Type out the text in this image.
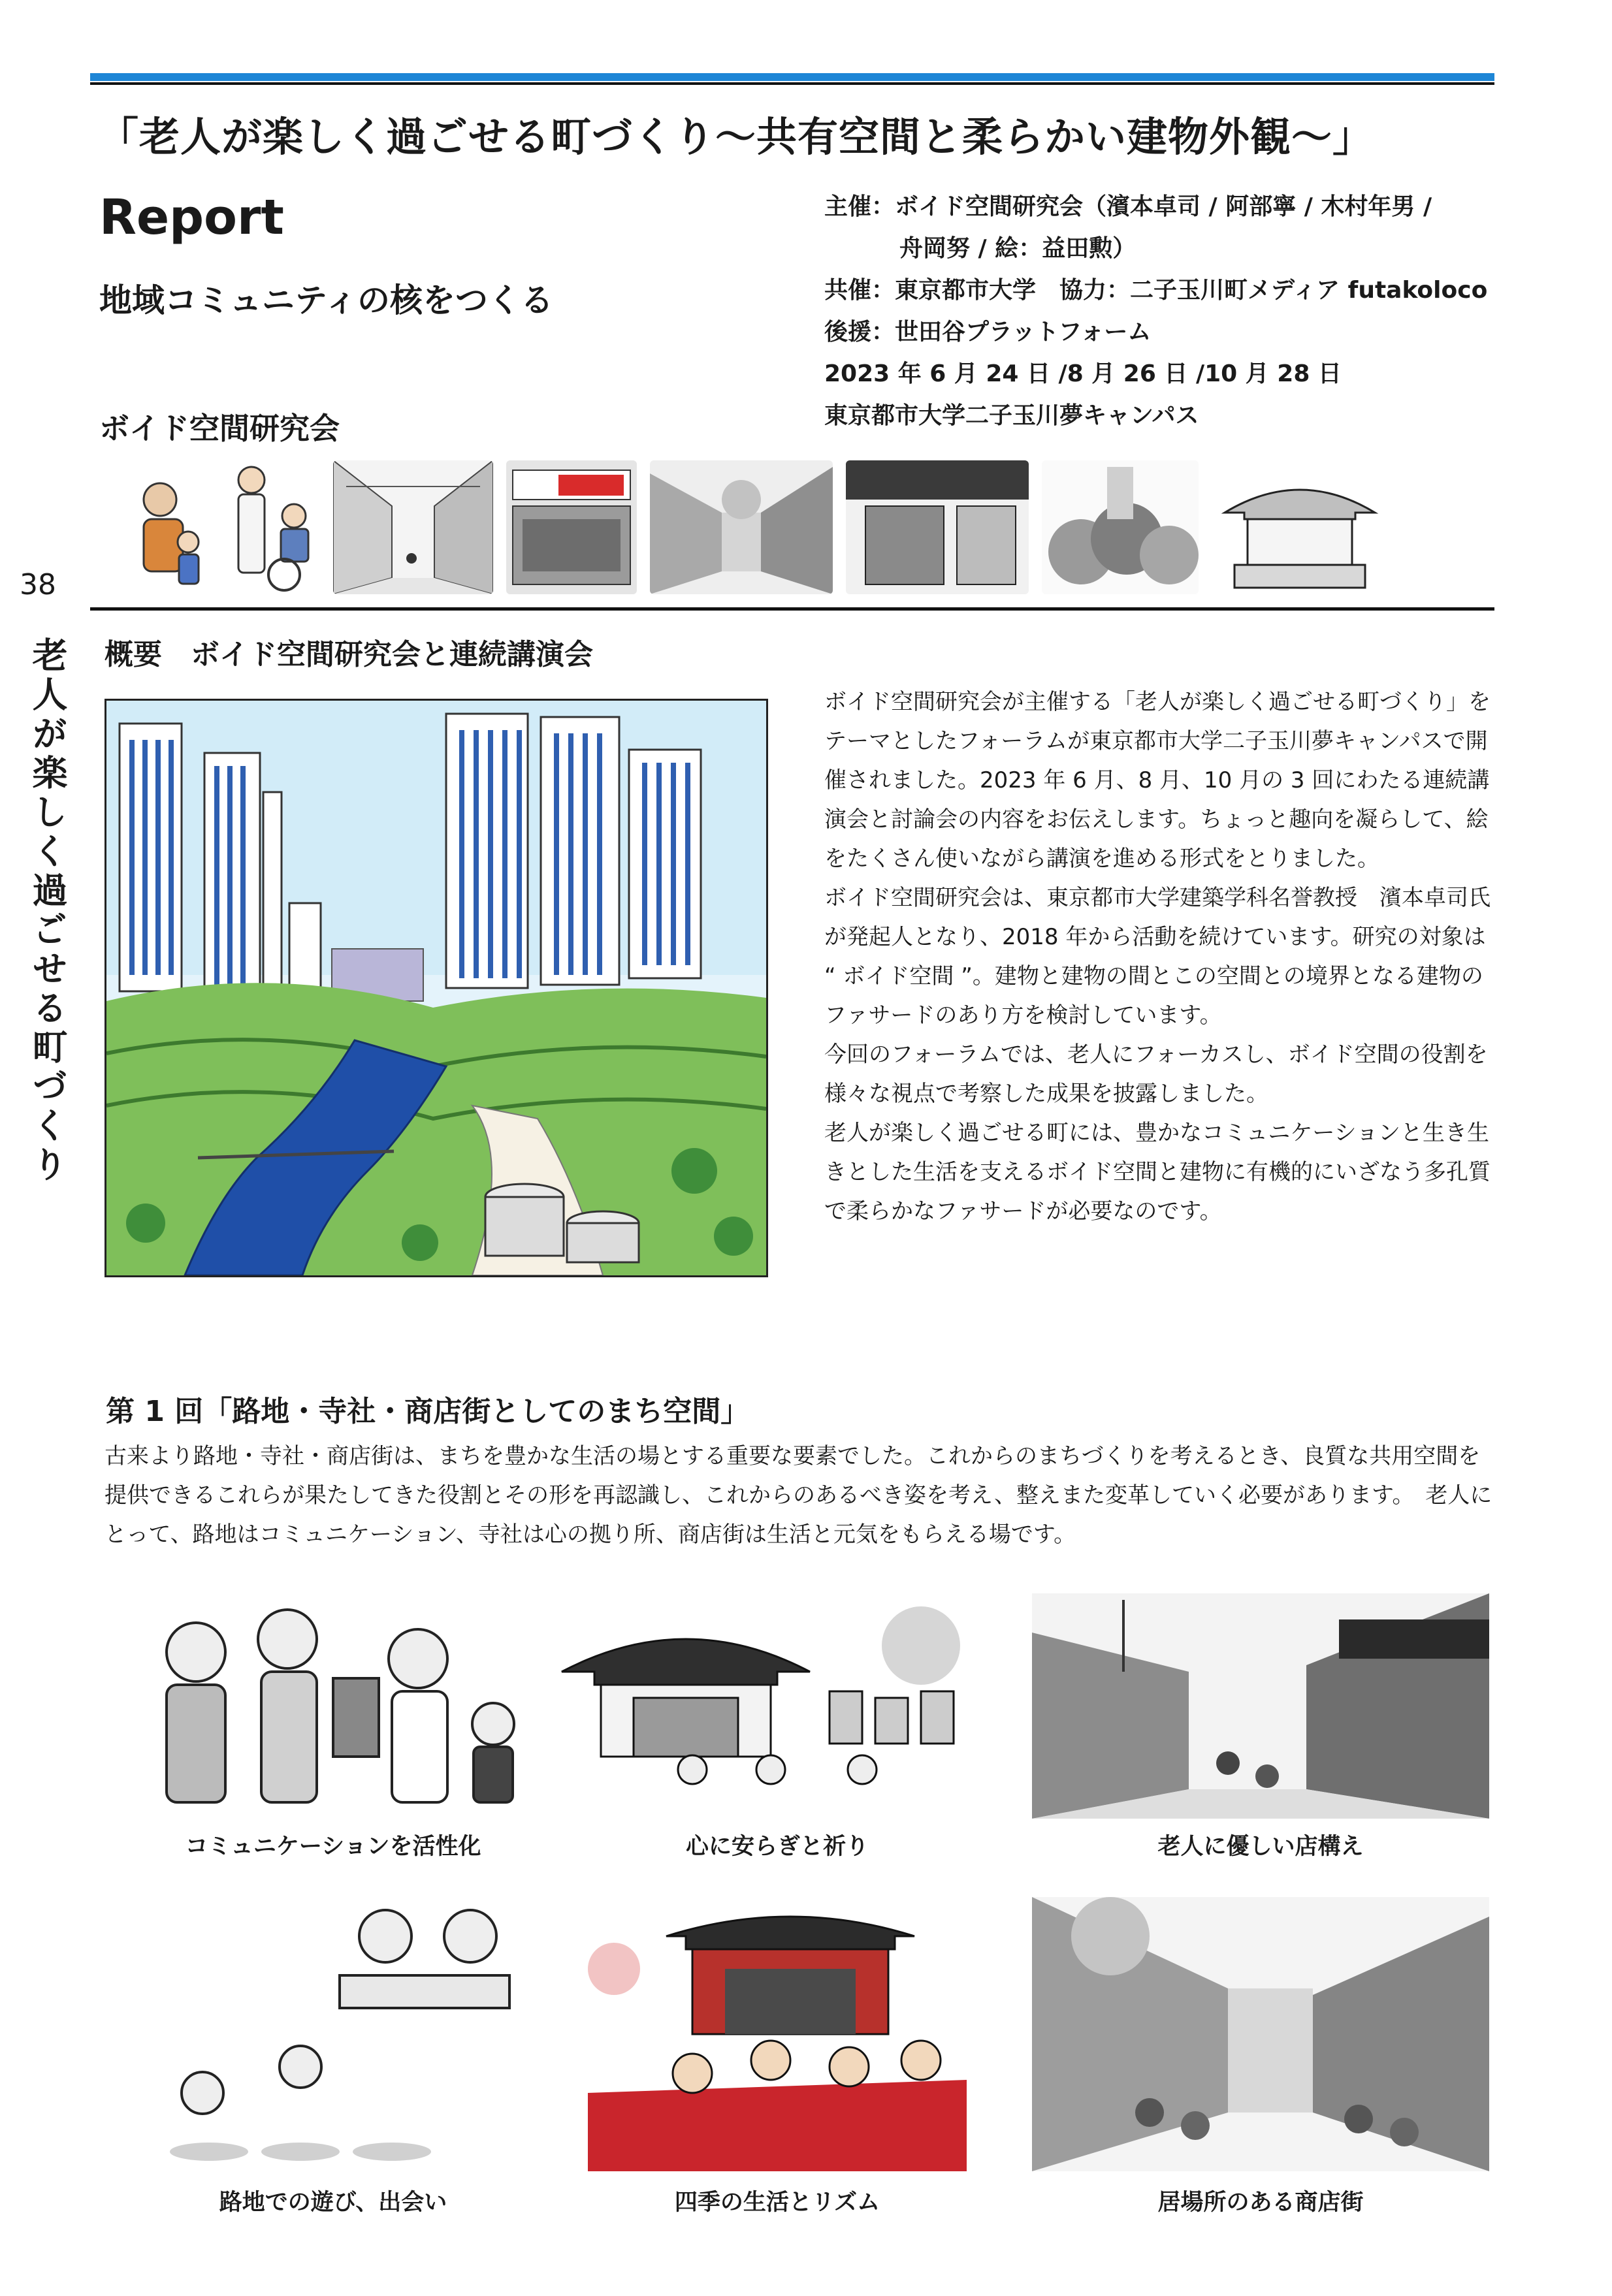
「老人が楽しく過ごせる町づくり～共有空間と柔らかい建物外観～」
Report
地域コミュニティの核をつくる
ボイド空間研究会
主催：ボイド空間研究会（濱本卓司 / 阿部寧 / 木村年男 /
舟岡努 / 絵：益田勲）
共催：東京都市大学　協力：二子玉川町メディア futakoloco
後援：世田谷プラットフォーム
2023 年 6 月 24 日 /8 月 26 日 /10 月 28 日
東京都市大学二子玉川夢キャンパス
38
老人が楽しく過ごせる町づくり 概要　ボイド空間研究会と連続講演会

ボイド空間研究会が主催する「老人が楽しく過ごせる町づくり」をテーマとしたフォーラムが東京都市大学二子玉川夢キャンパスで開催されました。2023 年 6 月、8 月、10 月の 3 回にわたる連続講演会と討論会の内容をお伝えします。ちょっと趣向を凝らして、絵をたくさん使いながら講演を進める形式をとりました。

ボイド空間研究会は、東京都市大学建築学科名誉教授　濱本卓司氏が発起人となり、2018 年から活動を続けています。研究の対象は “ ボイド空間 ”。建物と建物の間とこの空間との境界となる建物のファサードのあり方を検討しています。

今回のフォーラムでは、老人にフォーカスし、ボイド空間の役割を様々な視点で考察した成果を披露しました。

老人が楽しく過ごせる町には、豊かなコミュニケーションと生き生きとした生活を支えるボイド空間と建物に有機的にいざなう多孔質で柔らかなファサードが必要なのです。

第 1 回「路地・寺社・商店街としてのまち空間」
古来より路地・寺社・商店街は、まちを豊かな生活の場とする重要な要素でした。これからのまちづくりを考えるとき、良質な共用空間を提供できるこれらが果たしてきた役割とその形を再認識し、これからのあるべき姿を考え、整えまた変革していく必要があります。　老人にとって、路地はコミュニケーション、寺社は心の拠り所、商店街は生活と元気をもらえる場です。
コミュニケーションを活性化	心に安らぎと祈り	老人に優しい店構え
路地での遊び、出会い	四季の生活とリズム	居場所のある商店街
